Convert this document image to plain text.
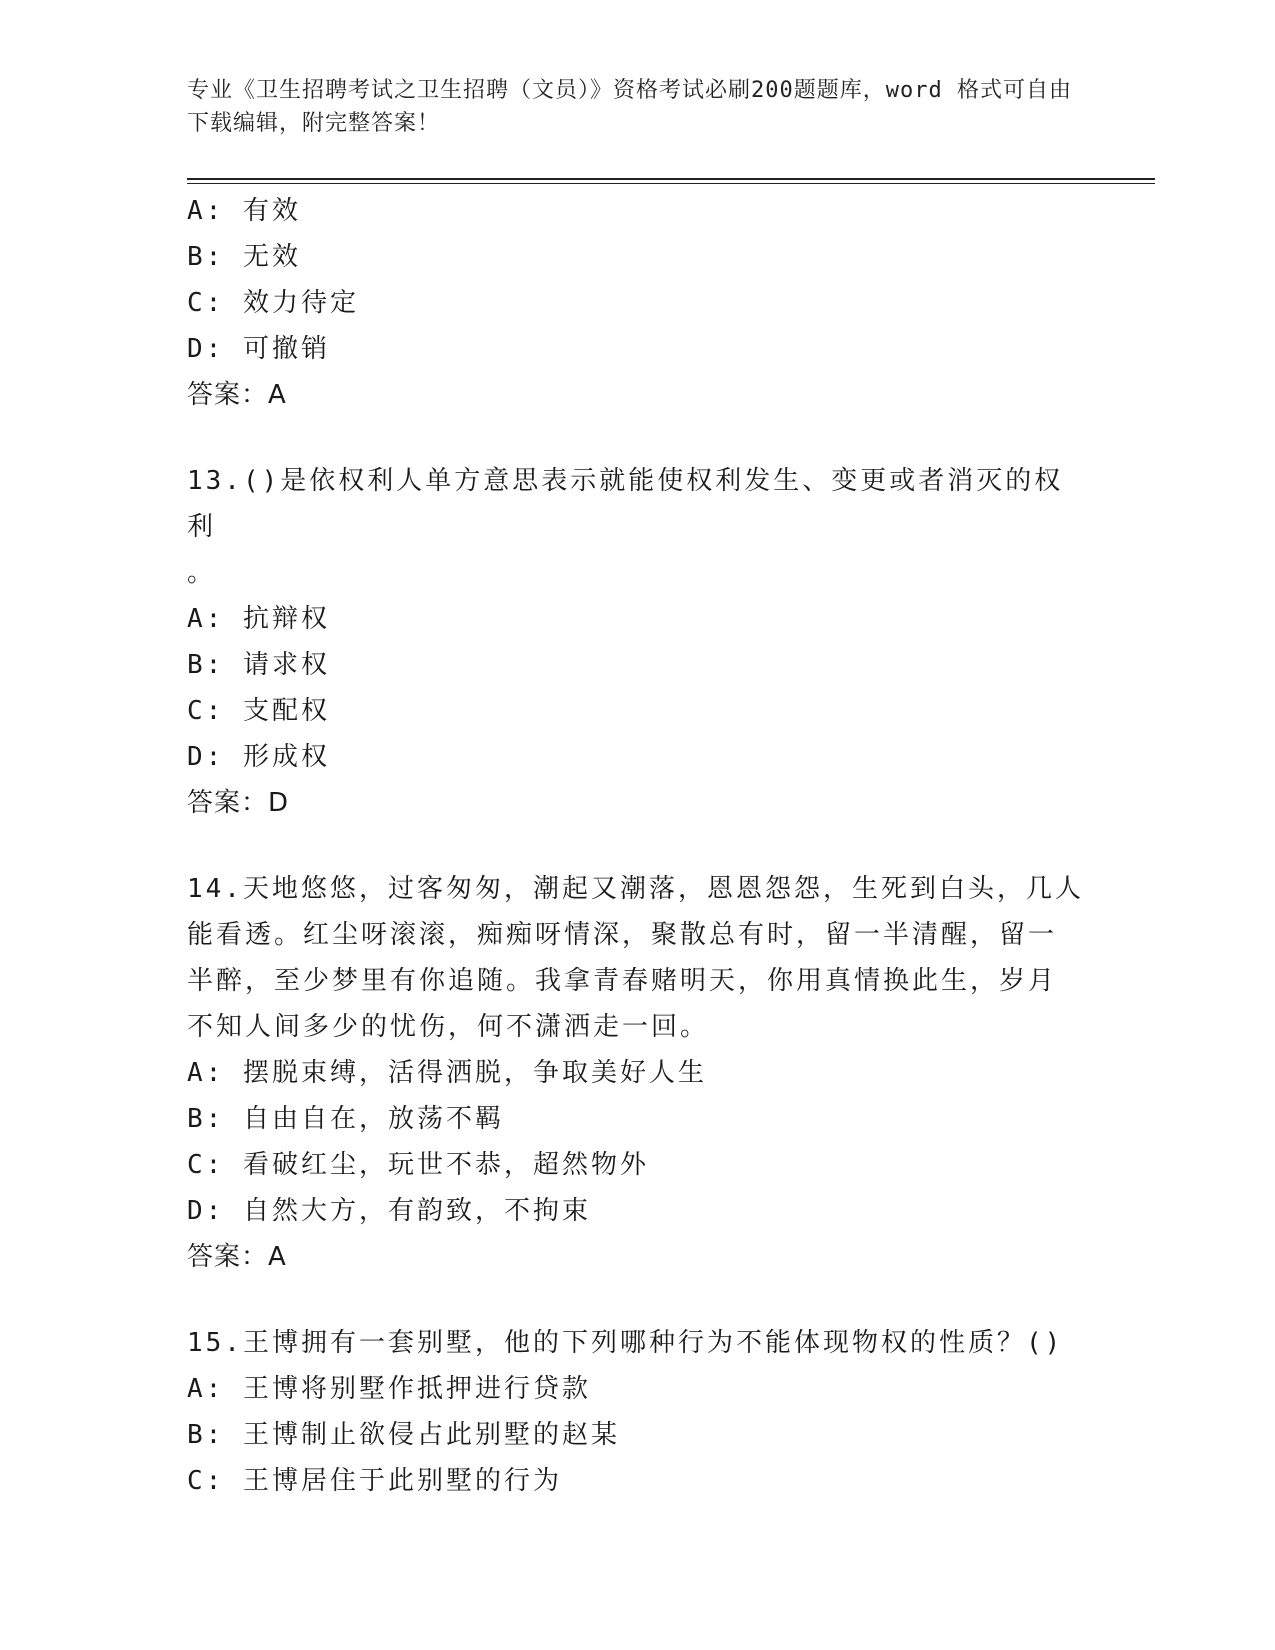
专业《卫生招聘考试之卫生招聘（文员）》资格考试必刷200题题库，word 格式可自由下载编辑，附完整答案！
A: 有效
B: 无效
C: 效力待定
D: 可撤销
答案：A
13.()是依权利人单方意思表示就能使权利发生、变更或者消灭的权利
。
A: 抗辩权
B: 请求权
C: 支配权
D: 形成权
答案：D
14.天地悠悠，过客匆匆，潮起又潮落，恩恩怨怨，生死到白头，几人
能看透。红尘呀滚滚，痴痴呀情深，聚散总有时，留一半清醒，留一
半醉，至少梦里有你追随。我拿青春赌明天，你用真情换此生，岁月
不知人间多少的忧伤，何不潇洒走一回。
A: 摆脱束缚，活得洒脱，争取美好人生
B: 自由自在，放荡不羁
C: 看破红尘，玩世不恭，超然物外
D: 自然大方，有韵致，不拘束
答案：A
15.王博拥有一套别墅，他的下列哪种行为不能体现物权的性质？()
A: 王博将别墅作抵押进行贷款
B: 王博制止欲侵占此别墅的赵某
C: 王博居住于此别墅的行为
